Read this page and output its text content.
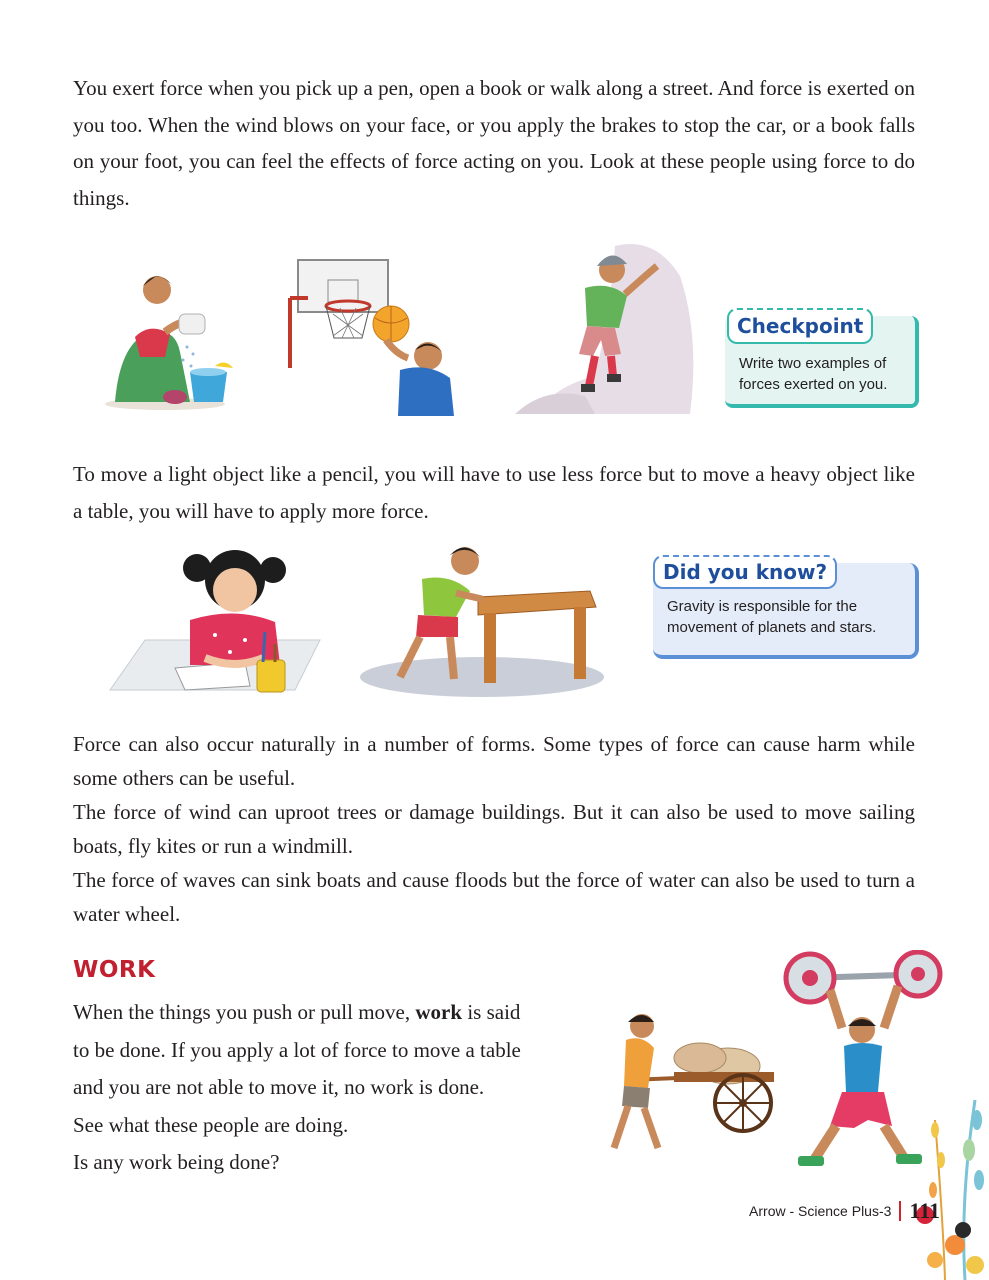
You exert force when you pick up a pen, open a book or walk along a street. And force is exerted on you too. When the wind blows on your face, or you apply the brakes to stop the car, or a book falls on your foot, you can feel the effects of force acting on you. Look at these people using force to do things.

Checkpoint
Write two examples of
forces exerted on you.

To move a light object like a pencil, you will have to use less force but to move a heavy object like a table, you will have to apply more force.

Did you know?
Gravity is responsible for the
movement of planets and stars.

Force can also occur naturally in a number of forms. Some types of force can cause harm while some others can be useful.

The force of wind can uproot trees or damage buildings. But it can also be used to move sailing boats, fly kites or run a windmill.

The force of waves can sink boats and cause floods but the force of water can also be used to turn a water wheel.

WORK
When the things you push or pull move, work is said
to be done. If you apply a lot of force to move a table
and you are not able to move it, no work is done.
See what these people are doing.
Is any work being done?
Arrow - Science Plus-3 111
